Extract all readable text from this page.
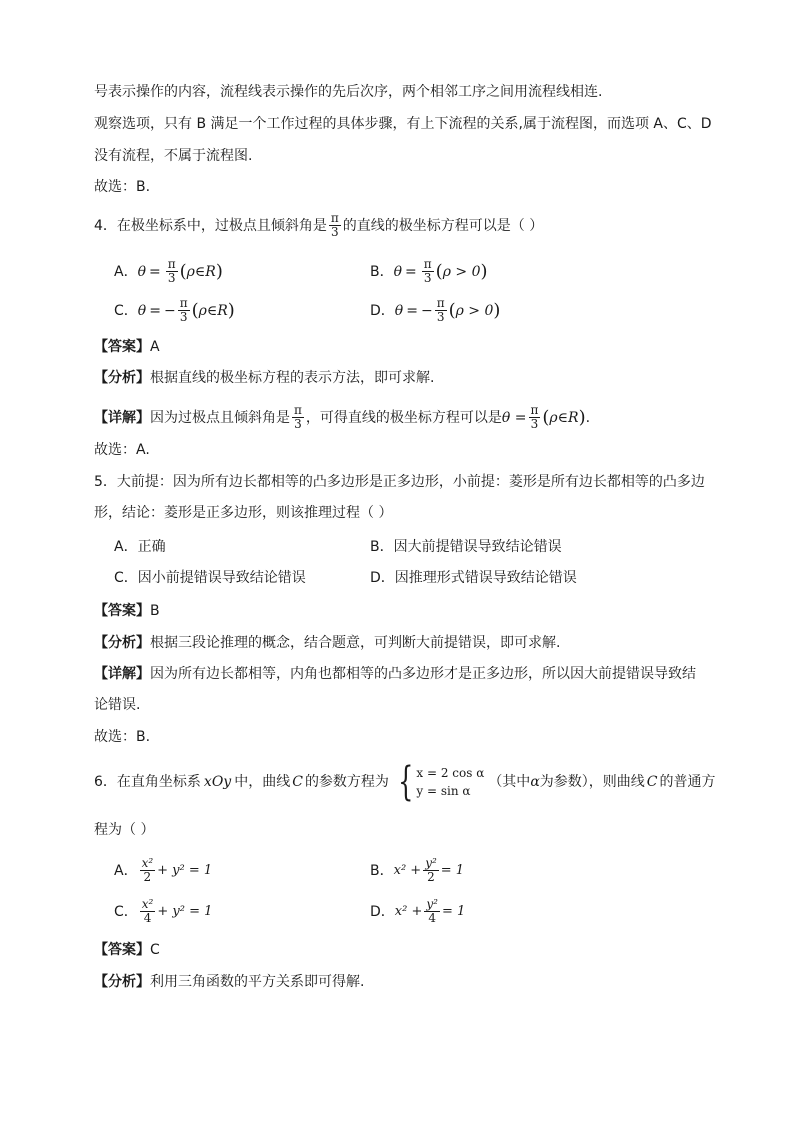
号表示操作的内容，流程线表示操作的先后次序，两个相邻工序之间用流程线相连.
观察选项，只有 B 满足一个工作过程的具体步骤，有上下流程的关系,属于流程图，而选项 A、C、D
没有流程，不属于流程图.
故选：B.
4．在极坐标系中，过极点且倾斜角是 $\frac{\pi}{3}$ 的直线的极坐标方程可以是（ ）
A． $\theta = \frac{\pi}{3}$ ( ρ∈R )	B． $\theta = \frac{\pi}{3}$ ( ρ > 0 )
C． θ = − $\frac{\pi}{3}$ ( ρ∈R )	D． θ = − $\frac{\pi}{3}$ ( ρ > 0 )
【答案】A
【分析】根据直线的极坐标方程的表示方法，即可求解.
【详解】 因为过极点且倾斜角是 $\frac{\pi}{3}$ ，可得直线的极坐标方程可以是 $\theta = \frac{\pi}{3}$ ( ρ∈R ) .
故选：A.
5．大前提：因为所有边长都相等的凸多边形是正多边形，小前提：菱形是所有边长都相等的凸多边
形，结论：菱形是正多边形，则该推理过程（ ）
A．正确	B．因大前提错误导致结论错误
C．因小前提错误导致结论错误	D．因推理形式错误导致结论错误
【答案】B
【分析】根据三段论推理的概念，结合题意，可判断大前提错误，即可求解.
【详解】因为所有边长都相等，内角也都相等的凸多边形才是正多边形，所以因大前提错误导致结
论错误.
故选：B.
6．在直角坐标系 xOy 中，曲线 C 的参数方程为 { x = 2 cos α
y = sin α
（其中 α 为参数），则曲线 C 的普通方
程为（ ）
A． $\frac{\text{x²}}{2} + y^2 = 1$	B． $x^2 + \frac{\text{y²}}{2} = 1$
C． $\frac{\text{x²}}{4} + y^2 = 1$	D． $x^2 + \frac{\text{y²}}{4} = 1$
【答案】C
【分析】利用三角函数的平方关系即可得解.
